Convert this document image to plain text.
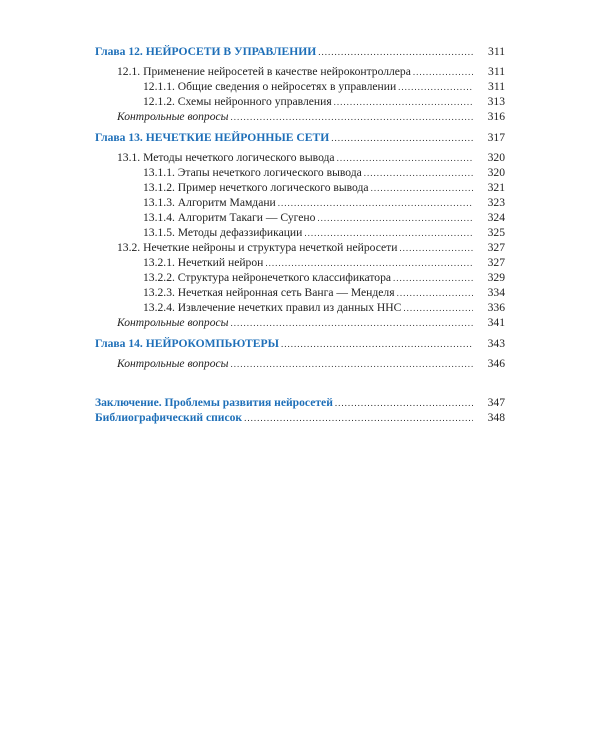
Глава 12. НЕЙРОСЕТИ В УПРАВЛЕНИИ .....	311
12.1. Применение нейросетей в качестве нейроконтроллера .....	311
12.1.1. Общие сведения о нейросетях в управлении .....	311
12.1.2. Схемы нейронного управления .....	313
Контрольные вопросы .....	316
Глава 13. НЕЧЕТКИЕ НЕЙРОННЫЕ СЕТИ .....	317
13.1. Методы нечеткого логического вывода .....	320
13.1.1. Этапы нечеткого логического вывода .....	320
13.1.2. Пример нечеткого логического вывода .....	321
13.1.3. Алгоритм Мамдани .....	323
13.1.4. Алгоритм Такаги — Сугено .....	324
13.1.5. Методы дефаззификации .....	325
13.2. Нечеткие нейроны и структура нечеткой нейросети .....	327
13.2.1. Нечеткий нейрон .....	327
13.2.2. Структура нейронечеткого классификатора .....	329
13.2.3. Нечеткая нейронная сеть Ванга — Менделя .....	334
13.2.4. Извлечение нечетких правил из данных ННС .....	336
Контрольные вопросы .....	341
Глава 14. НЕЙРОКОМПЬЮТЕРЫ .....	343
Контрольные вопросы .....	346
Заключение. Проблемы развития нейросетей .....	347
Библиографический список .....	348
